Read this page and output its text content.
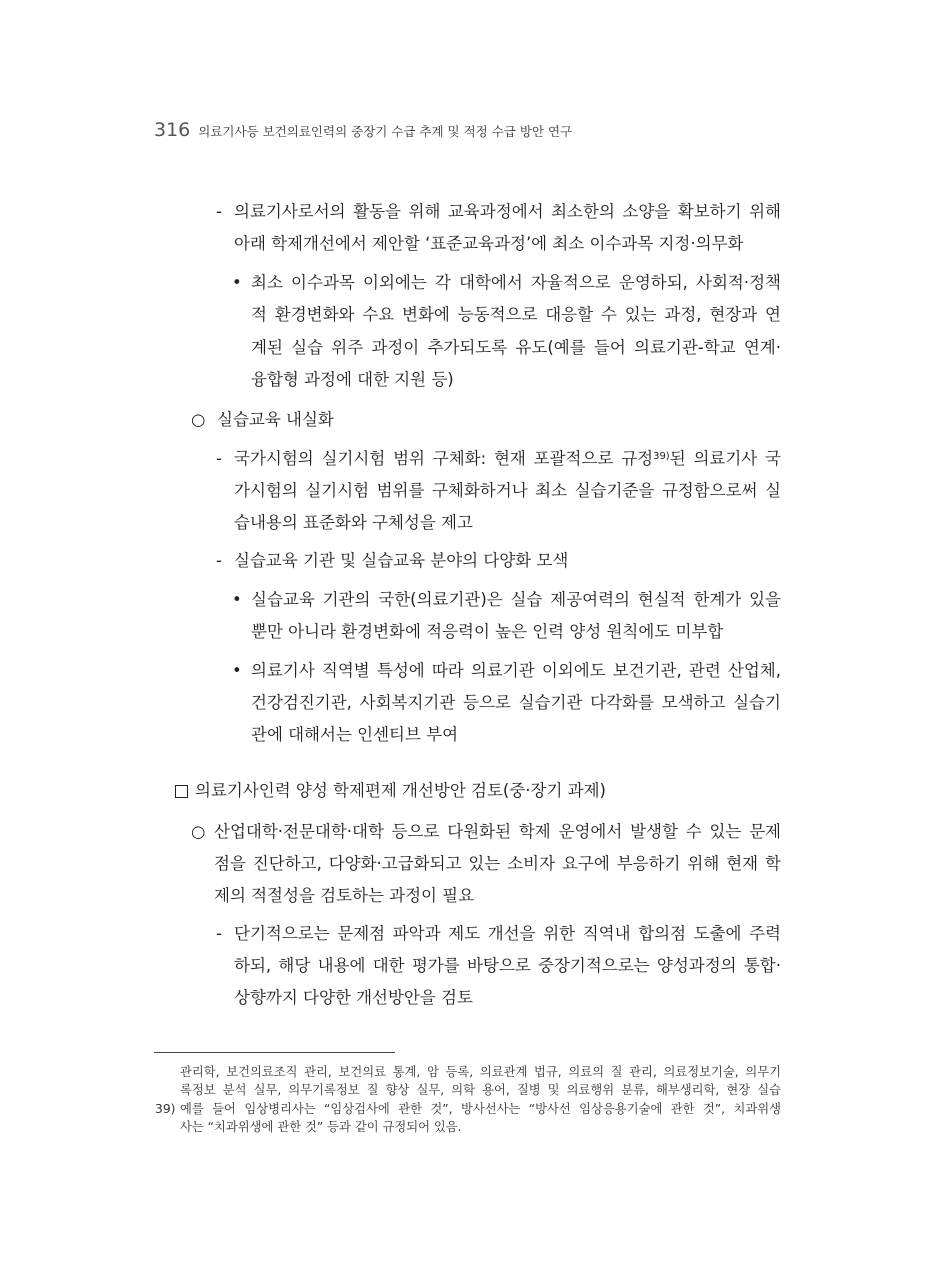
316 의료기사등 보건의료인력의 중장기 수급 추계 및 적정 수급 방안 연구
- 의료기사로서의 활동을 위해 교육과정에서 최소한의 소양을 확보하기 위해
아래 학제개선에서 제안할 ‘표준교육과정’에 최소 이수과목 지정·의무화
• 최소 이수과목 이외에는 각 대학에서 자율적으로 운영하되, 사회적·정책
적 환경변화와 수요 변화에 능동적으로 대응할 수 있는 과정, 현장과 연
계된 실습 위주 과정이 추가되도록 유도(예를 들어 의료기관-학교 연계·
융합형 과정에 대한 지원 등)
○ 실습교육 내실화
- 국가시험의 실기시험 범위 구체화: 현재 포괄적으로 규정$^{39)}$된 의료기사 국
가시험의 실기시험 범위를 구체화하거나 최소 실습기준을 규정함으로써 실
습내용의 표준화와 구체성을 제고
- 실습교육 기관 및 실습교육 분야의 다양화 모색
• 실습교육 기관의 국한(의료기관)은 실습 제공여력의 현실적 한계가 있을
뿐만 아니라 환경변화에 적응력이 높은 인력 양성 원칙에도 미부합
• 의료기사 직역별 특성에 따라 의료기관 이외에도 보건기관, 관련 산업체,
건강검진기관, 사회복지기관 등으로 실습기관 다각화를 모색하고 실습기
관에 대해서는 인센티브 부여
의료기사인력 양성 학제편제 개선방안 검토(중·장기 과제)
○ 산업대학·전문대학·대학 등으로 다원화된 학제 운영에서 발생할 수 있는 문제
점을 진단하고, 다양화·고급화되고 있는 소비자 요구에 부응하기 위해 현재 학
제의 적절성을 검토하는 과정이 필요
- 단기적으로는 문제점 파악과 제도 개선을 위한 직역내 합의점 도출에 주력
하되, 해당 내용에 대한 평가를 바탕으로 중장기적으로는 양성과정의 통합·
상향까지 다양한 개선방안을 검토
관리학, 보건의료조직 관리, 보건의료 통계, 암 등록, 의료관계 법규, 의료의 질 관리, 의료정보기술, 의무기
록정보 분석 실무, 의무기록정보 질 향상 실무, 의학 용어, 질병 및 의료행위 분류, 해부생리학, 현장 실습
39) 예를 들어 임상병리사는 “임상검사에 관한 것”, 방사선사는 “방사선 임상응용기술에 관한 것”, 치과위생
사는 “치과위생에 관한 것” 등과 같이 규정되어 있음.
